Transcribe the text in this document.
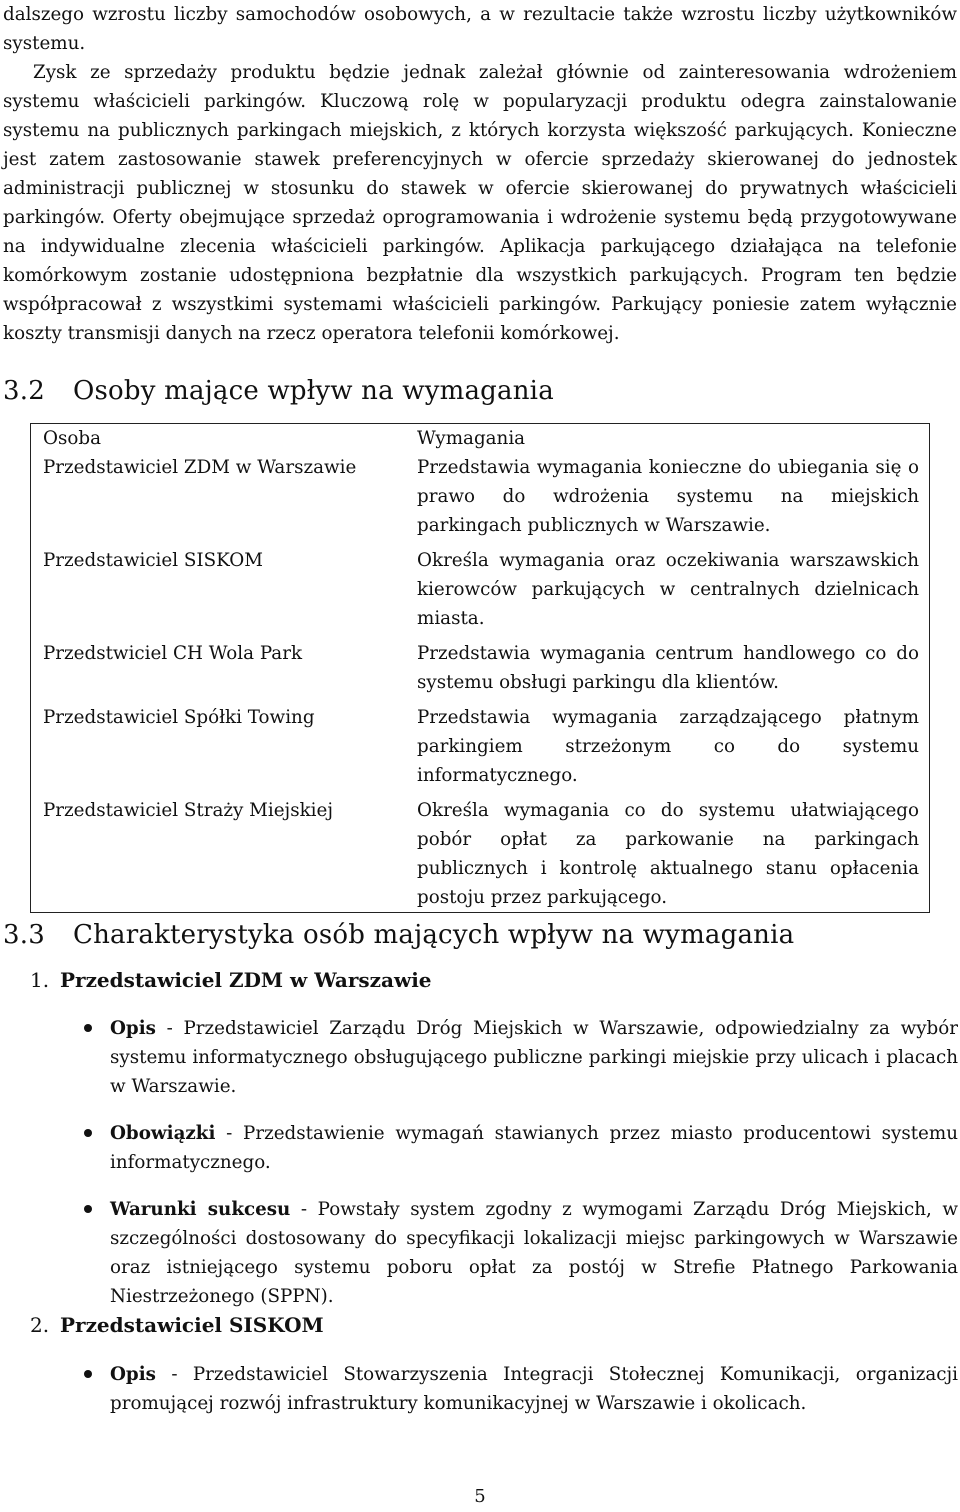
dalszego wzrostu liczby samochodów osobowych, a w rezultacie także wzrostu liczby użytkowników systemu.

Zysk ze sprzedaży produktu będzie jednak zależał głównie od zainteresowania wdrożeniem systemu właścicieli parkingów. Kluczową rolę w popularyzacji produktu odegra zainstalowanie systemu na publicznych parkingach miejskich, z których korzysta większość parkujących. Konieczne jest zatem zastosowanie stawek preferencyjnych w ofercie sprzedaży skierowanej do jednostek administracji publicznej w stosunku do stawek w ofercie skierowanej do prywatnych właścicieli parkingów. Oferty obejmujące sprzedaż oprogramowania i wdrożenie systemu będą przygotowywane na indywidualne zlecenia właścicieli parkingów. Aplikacja parkującego działająca na telefonie komórkowym zostanie udostępniona bezpłatnie dla wszystkich parkujących. Program ten będzie współpracował z wszystkimi systemami właścicieli parkingów. Parkujący poniesie zatem wyłącznie koszty transmisji danych na rzecz operatora telefonii komórkowej.

3.2 Osoby mające wpływ na wymagania
Osoba	Wymagania
Przedstawiciel ZDM w Warszawie	Przedstawia wymagania konieczne do ubiegania się o prawo do wdrożenia systemu na miejskich parkingach publicznych w Warszawie.
Przedstawiciel SISKOM	Określa wymagania oraz oczekiwania warszawskich kierowców parkujących w centralnych dzielnicach miasta.
Przedstwiciel CH Wola Park	Przedstawia wymagania centrum handlowego co do systemu obsługi parkingu dla klientów.
Przedstawiciel Spółki Towing	Przedstawia wymagania zarządzającego płatnym parkingiem strzeżonym co do systemu informatycznego.
Przedstawiciel Straży Miejskiej	Określa wymagania co do systemu ułatwiającego pobór opłat za parkowanie na parkingach publicznych i kontrolę aktualnego stanu opłacenia postoju przez parkującego.
3.3 Charakterystyka osób mających wpływ na wymagania
1. Przedstawiciel ZDM w Warszawie
Opis - Przedstawiciel Zarządu Dróg Miejskich w Warszawie, odpowiedzialny za wybór systemu informatycznego obsługującego publiczne parkingi miejskie przy ulicach i placach w Warszawie.
Obowiązki - Przedstawienie wymagań stawianych przez miasto producentowi systemu informatycznego.
Warunki sukcesu - Powstały system zgodny z wymogami Zarządu Dróg Miejskich, w szczególności dostosowany do specyfikacji lokalizacji miejsc parkingowych w Warszawie oraz istniejącego systemu poboru opłat za postój w Strefie Płatnego Parkowania Niestrzeżonego (SPPN).
2. Przedstawiciel SISKOM
Opis - Przedstawiciel Stowarzyszenia Integracji Stołecznej Komunikacji, organizacji promującej rozwój infrastruktury komunikacyjnej w Warszawie i okolicach.
5
